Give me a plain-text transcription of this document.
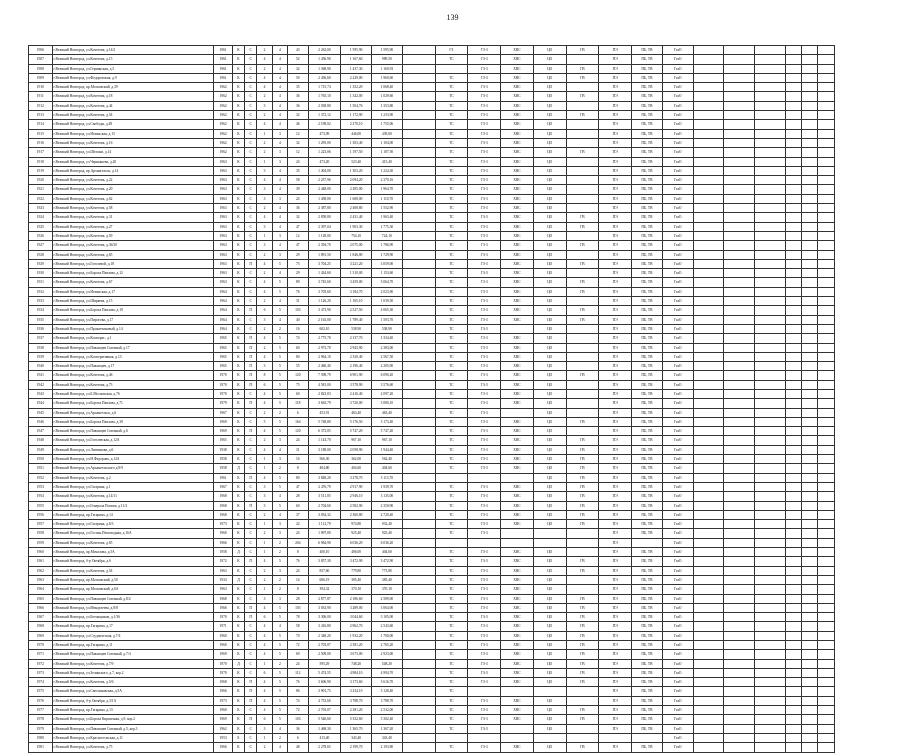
139
1906	г.Великий Новгород, ул.Кочетова, д.14/2	1961	К	С	2	4	43	2 262,00	1 595,90	1 595,90		ГЗ	ГЗ-3	ХВС	ЦО	ГВ	ПЭ	ПБ, ТВ	ГазО						
1907	г.Великий Новгород, ул.Кочетова, д.15	1961	К	С	4	4	52	1 456,90	1 167,60	989,50		ТС	ГЗ-3	ХВС	ЦО		ПЭ	ПБ, ТВ	ГазО						
1908	г.Великий Новгород, ул.Германская, д.5	1961	К	С	2	4	32	1 368,90	1 437,30	1 160,93			ГЗ-3	ХВС	ЦО	ГВ	ПЭ	ПБ, ТВ	ГазО						
1909	г.Великий Новгород, ул.Федоровская, д.9	1961	К	С	4	4	50	2 456,60	2 229,00	1 960,60		ТС	ГЗ-3	ХВС	ЦО	ГВ	ПЭ	ПБ, ТВ	ГазО						
1910	г.Великий Новгород, пр.Московский, д.39	1962	К	С	4	4	35	1 715,74	1 352,20	1 068,40		ТС	ГЗ-3	ХВС	ЦО		ПЭ	ПБ, ТВ	ГазО						
1911	г.Великий Новгород, ул.Кочетова, д.18	1962	К	С	2	4	36	1 765,10	1 342,00	1 029,60		ТС	ГЗ-3	ХВС	ЦО	ГВ	ПЭ	ПБ, ТВ	ГазО						
1912	г.Великий Новгород, ул.Кочетова, д.44	1962	К	С	3	4	36	2 038,80	1 504,76	1 353,80		ТС	ГЗ-3	ХВС	ЦО		ПЭ	ПБ, ТВ	ГазО						
1913	г.Великий Новгород, ул.Кочетова, д.54	1962	К	С	2	4	32	1 372,12	1 172,90	1 233,90		ТС	ГЗ-3	ХВС	ЦО	ГВ	ПЭ	ПБ, ТВ	ГазО						
1914	г.Великий Новгород, ул.Свободы, д.49	1962	К	С	4	4	46	2 198,02	2 270,10	1 755,06		ТС	ГЗ-3	ХВС	ЦО		ПЭ	ПБ, ТВ	ГазО						
1915	г.Великий Новгород, ул.Нехинская, д.15	1962	К	С	1	3	12	473,09	446,00	439,00		ТС	ГЗ-3	ХВС	ЦО		ПЭ	ПБ, ТВ	ГазО						
1916	г.Великий Новгород, ул.Кочетова, д.16	1962	К	С	2	4	32	1 295,00	1 303,40	1 104,00		ТС	ГЗ-3	ХВС	ЦО		ПЭ	ПБ, ТВ	ГазО						
1917	г.Великий Новгород, ул.Шелони, д.14	1962	К	С	2	3	12	1 223,06	1 197,50	1 107,50		ТС	ГЗ-3	ХВС	ЦО	ГВ	ПЭ	ПБ, ТВ	ГазО						
1918	г.Великий Новгород, ул.Чернышева, д.20	1963	К	С	1	3	24	473,20	523,40	415,40		ТС	ГЗ-3	ХВС	ЦО		ПЭ	ПБ, ТВ	ГазО						
1919	г.Великий Новгород, пр.Архангельск, д.14	1963	К	С	3	4	35	1 404,00	1 303,20	1 224,30		ТС	ГЗ-3	ХВС	ЦО		ПЭ	ПБ, ТВ	ГазО						
1920	г.Великий Новгород, ул.Кочетова, д.22	1963	К	С	4	4	58	2 257,96	2 094,20	2 370,16		ТС	ГЗ-3	ХВС	ЦО		ПЭ	ПБ, ТВ	ГазО						
1921	г.Великий Новгород, ул.Кочетова, д.20	1963	К	С	3	4	39	2 448,00	2 285,00	1 964,70		ТС	ГЗ-3	ХВС	ЦО		ПЭ	ПБ, ТВ	ГазО						
1922	г.Великий Новгород, ул.Кочетова, д.62	1963	К	С	3	3	24	1 458,00	1 608,00	1 110,70		ТС	ГЗ-3	ХВС	ЦО		ПЭ	ПБ, ТВ	ГазО						
1923	г.Великий Новгород, ул.Кочетова, д.58	1963	К	С	2	4	36	2 387,80	2 468,80	1 552,90		ТС	ГЗ-3	ХВС	ЦО		ПЭ	ПБ, ТВ	ГазО						
1924	г.Великий Новгород, ул.Кочетова, д.31	1963	К	С	4	4	32	2 858,80	2 431,40	1 963,40		ТС	ГЗ-3	ХВС	ЦО	ГВ	ПЭ	ПБ, ТВ	ГазО						
1925	г.Великий Новгород, ул.Кочетова, д.27	1963	К	С	3	4	47	2 397,04	1 903,30	1 775,30		ТС	ГЗ-3	ХВС	ЦО	ГВ	ПЭ	ПБ, ТВ	ГазО						
1926	г.Великий Новгород, ул.Кочетова, д.59	1963	К	С	1	3	12	1 128,00	754,10	724,10		ТС	ГЗ-3	ХВС	ЦО		ПЭ	ПБ, ТВ	ГазО						
1927	г.Великий Новгород, ул.Кочетова, д.36/30	1963	К	С	3	4	47	2 394,70	2 075,00	1 786,90		ТС	ГЗ-3	ХВС	ЦО	ГВ	ПЭ	ПБ, ТВ	ГазО						
1928	г.Великий Новгород, ул.Кочетова, д.65	1963	К	С	2	3	29	1 891,50	1 846,00	1 729,90		ТС	ГЗ-3	ХВС	ЦО		ПЭ	ПБ, ТВ	ГазО						
1929	г.Великий Новгород, ул.Гоголевой, д.18	1963	К	П	4	5	75	3 704,25	3 221,20	3 059,00		ТС	ГЗ-3	ХВС	ЦО	ГВ	ПЭ	ПБ, ТВ	ГазО						
1930	г.Великий Новгород, ул.Бороха Павлова, д.12	1963	К	С	2	4	29	1 434,60	1 310,00	1 153,60		ТС	ГЗ-3	ХВС	ЦО		ПЭ	ПБ, ТВ	ГазО						
1931	г.Великий Новгород, ул.Кочетова, д.67	1963	К	С	4	5	89	3 745,60	3 459,00	3 064,70		ТС	ГЗ-3	ХВС	ЦО	ГВ	ПЭ	ПБ, ТВ	ГазО						
1932	г.Великий Новгород, ул.Нехинская, д.17	1964	К	С	4	5	76	3 705,60	3 184,70	2 023,90		ТС	ГЗ-3	ХВС	ЦО	ГВ	ПЭ	ПБ, ТВ	ГазО						
1933	г.Великий Новгород, ул.Ширяева, д.15	1964	К	С	2	4	31	1 126,20	1 165,10	1 039,50		ТС	ГЗ-3	ХВС	ЦО		ПЭ	ПБ, ТВ	ГазО						
1934	г.Великий Новгород, ул.Бороха Павлова, д.19	1964	К	П	6	5	103	3 473,90	2 527,50	4 065,30		ТС	ГЗ-3	ХВС	ЦО	ГВ	ПЭ	ПБ, ТВ	ГазО						
1935	г.Великий Новгород, ул.Пирогова, д.17	1964	К	С	3	4	40	2 163,00	1 789,40	1 503,70		ТС	ГЗ-3	ХВС	ЦО	ГВ	ПЭ	ПБ, ТВ	ГазО						
1936	г.Великий Новгород, ул.Прокатчиковый, д.14	1964	К	С	2	2	16	602,10	538,90	538,90		ТС	ГЗ-3		ЦО		ПЭ	ПБ, ТВ	ГазО						
1937	г.Великий Новгород, ул.Кооперат., д.1	1965	К	П	4	5	74	2 775,70	2 137,70	1 334,40		ТС	ГЗ-3	ХВС	ЦО		ПЭ	ПБ, ТВ	ГазО						
1938	г.Великий Новгород, ул.Павлищев Союзный, д.17	1965	К	П	2	5	60	2 973,70	2 943,90	2 383,00		ТС	ГЗ-3	ХВС	ЦО		ПЭ	ПБ, ТВ	ГазО						
1939	г.Великий Новгород, ул.Кооперативная, д.13	1965	К	П	4	5	80	2 964,10	2 330,40	2 567,50		ТС	ГЗ-3	ХВС	ЦО		ПЭ	ПБ, ТВ	ГазО						
1940	г.Великий Новгород, ул.Павлищев, д.17	1965	К	П	3	5	55	2 460,40	2 196,40	2 205,90		ТС	ГЗ-3	ХВС	ЦО		ПЭ	ПБ, ТВ	ГазО						
1941	г.Великий Новгород, ул.Кочетова, д.46	1970	К	П	8	5	120	7 598,79	6 901,90	6 090,20		ТС	ГЗ-3	ХВС	ЦО	ГВ	ПЭ	ПБ, ТВ	ГазО						
1942	г.Великий Новгород, ул.Кочетова, д.73	1970	К	П	6	5	75	4 581,00	3 578,90	3 576,60		ТС	ГЗ-3	ХВС	ЦО		ПЭ	ПБ, ТВ	ГазО						
1943	г.Великий Новгород, ул.Б.Московская, д.76	1970	К	С	4	5	60	2 823,03	2 416,40	2 097,20		ТС	ГЗ-3	ХВС	ЦО		ПЭ	ПБ, ТВ	ГазО						
1944	г.Великий Новгород, ул.Бороха Павлова, д.71	1979	К	П	4	5	118	3 663,79	3 720,00	3 080,10		ТС	ГЗ-3	ХВС	ЦО		ПЭ	ПБ, ТВ	ГазО						
1945	г.Великий Новгород, ул.Архангельск, д.6	1967	К	С	2	2	6	453,91	463,40	463,40		ТС	ГЗ-3		ЦО		ПЭ	ПБ, ТВ	ГазО						
1946	г.Великий Новгород, ул.Бороха Павлова, д.39	1969	К	С	5	5	164	5 748,80	5 176,50	3 173,40		ТС	ГЗ-3	ХВС	ЦО	ГВ	ПЭ	ПБ, ТВ	ГазО						
1947	г.Великий Новгород, ул.Павлищев Союзный, д.6	1969	К	П	4	5	120	6 373,05	5 747,20	5 747,20		ТС	ГЗ-3	ХВС	ЦО		ПЭ	ПБ, ТВ	ГазО						
1948	г.Великий Новгород, ул.Гоголевская, д.12А	1965	К	С	2	3	24	1 143,70	967,10	967,10		ТС	ГЗ-3	ХВС	ЦО	ГВ	ПЭ	ПБ, ТВ	ГазО						
1949	г.Великий Новгород, ул.Литвинова, д.6	1938	К	С	4	4	31	3 188,00	2 058,90	1 944,40		ТС	ГЗ-3	ХВС	ЦО	ГВ	ПЭ	ПБ, ТВ	ГазО						
1950	г.Великий Новгород, ул.Н.Федорова, д.12А	1958	К	С	1	3	16	566,30	362,00	562,40		ТС	ГЗ-3	ХВС	ЦО	ГВ	ПЭ	ПБ, ТВ	ГазО						
1951	г.Великий Новгород, ул.Архангельского д.8/9	1958	Д	С	1	2	8	404,80	404,60	404,60		ТС	ГЗ-3	ХВС	ЦО	ГВ	ПЭ	ПБ, ТВ	ГазО						
1952	г.Великий Новгород, ул.Кочетова, д.2	1961	К	П	4	5	80	3 848,20	3 278,70	3 113,70					ЦО	ГВ	ПЭ	ПБ, ТВ	ГазО						
1953	г.Великий Новгород, ул.Гагарина, д.1	1967	К	С	3	5	47	2 476,79	2 917,90	1 939,70		ТС	ГЗ-3	ХВС	ЦО	ГВ	ПЭ	ПБ, ТВ	ГазО						
1954	г.Великий Новгород, ул.Кочетова, д.14/11	1968	К	С	3	4	28	3 511,05	2 946,10	3 135,00		ТС	ГЗ-3	ХВС	ЦО	ГВ	ПЭ	ПБ, ТВ	ГазО						
1955	г.Великий Новгород, ул.Генерала Попова, д.11/2	1968	К	П	3	5	60	2 704,60	2 582,90	2 350,90		ТС	ГЗ-3	ХВС	ЦО	ГВ	ПЭ	ПБ, ТВ	ГазО						
1956	г.Великий Новгород, пр.Гагарина, д.14	1968	К	С	2	4	37	3 034,32	2 360,80	2 720,40		ТС	ГЗ-3	ХВС	ЦО	ГВ	ПЭ	ПБ, ТВ	ГазО						
1957	г.Великий Новгород, ул.Гагарина, д.6/3	1973	К	С	1	3	22	1 112,79	974,80	932,40		ТС	ГЗ-3	ХВС	ЦО	ГВ	ПЭ	ПБ, ТВ	ГазО						
1958	г.Великий Новгород, ул.Гостин.Пешеходная, д.16А	1960	К	С	2	3	24	1 097,00	925,40	925,40		ТС	ГЗ-3				ПЭ	ПБ, ТВ	ГазО						
1959	г.Великий Новгород, ул.Кочетова, д.65	1966	К	С	1	2	204	6 964,90	6 036,20	6 036,20							ПЭ		ГазО						
1960	г.Великий Новгород, пр.Мочалова, д.5А	1958	Д	С	1	2	8	400,10	406,00	404,60		ТС	ГЗ-3	ХВС	ЦО		ПЭ	ПБ, ТВ	ГазО						
1961	г.Великий Новгород, б-р Октября, д.6	1972	К	П	4	5	76	3 857,30	3 472,90	3 472,90		ТС	ГЗ-3	ХВС	ЦО	ГВ	ПЭ	ПБ, ТВ	ГазО						
1962	г.Великий Новгород, ул.Кочетова, д.54	1963	К	С	2	3	24	837,60	779,80	773,80		ТС	ГЗ-3	ХВС	ЦО	ГВ	ПЭ	ПБ, ТВ	ГазО						
1963	г.Великий Новгород, пр.Московский, д.50	1933	Д	С	2	2	14	606,19	385,40	385,40		ТС	ГЗ-3	ХВС	ЦО		ПЭ	ПБ, ТВ	ГазО						
1964	г.Великий Новгород, пр.Московский, д.6А	1963	К	С	1	2	8	394,32	370,10	370,10		ТС	ГЗ-3	ХВС	ЦО		ПЭ	ПБ, ТВ	ГазО						
1965	г.Великий Новгород, ул.Павлищев Союзный, д.8/2	1968	К	С	3	3	28	2 877,87	2 186,60	2 589,00		ТС	ГЗ-3	ХВС	ЦО	ГВ	ПЭ	ПБ, ТВ	ГазО						
1966	г.Великий Новгород, ул.Менделеева, д.8/8	1966	К	П	4	5	103	3 033,90	3 289,00	3 064,00		ТС	ГЗ-3	ХВС	ЦО	ГВ	ПЭ	ПБ, ТВ	ГазО						
1967	г.Великий Новгород, ул.Бетонщиков, д.1/36	1970	К	П	6	5	78	3 306,00	3 044,60	3 105,00		ТС	ГЗ-3	ХВС	ЦО	ГВ	ПЭ	ПБ, ТВ	ГазО						
1968	г.Великий Новгород, пр.Гагарина, д.17	1971	К	С	4	4	58	3 416,80	2 962,70	2 543,60		ТС	ГЗ-3	ХВС	ЦО	ГВ	ПЭ	ПБ, ТВ	ГазО						
1969	г.Великий Новгород, ул.Студенческая, д.7/4	1960	К	С	4	5	70	2 348,20	1 932,20	1 700,00		ТС	ГЗ-3	ХВС	ЦО	ГВ	ПЭ	ПБ, ТВ	ГазО						
1970	г.Великий Новгород, пр.Гагарина, д.11	1960	К	С	4	5	72	2 703,07	2 381,20	2 765,20		ТС	ГЗ-3	ХВС	ЦО	ГВ	ПЭ	ПБ, ТВ	ГазО						
1971	г.Великий Новгород, ул.Павлищев Союзный, д.7/4	1969	К	С	4	5	69	2 509,00	3 673,00	2 923,00		ТС	ГЗ-3	ХВС	ЦО	ГВ	ПЭ	ПБ, ТВ	ГазО						
1972	г.Великий Новгород, ул.Кочетова, д.7/9	1970	Д	С	1	2	24	595,29	748,20	548,20		ТС	ГЗ-3	ХВС	ЦО	ГВ	ПЭ	ПБ, ТВ	ГазО						
1973	г.Великий Новгород, ул.Зелинского, д.7, кор.2	1970	К	С	6	5	112	5 474,55	4 984,10	4 994,70		ТС	ГЗ-3	ХВС	ЦО	ГВ	ПЭ	ПБ, ТВ	ГазО						
1974	г.Великий Новгород, ул.Кочетова, д.5/6	1968	К	П	4	5	76	3 606,90	3 173,60	3 616,70		ТС	ГЗ-3	ХВС	ЦО	ГВ	ПЭ	ПБ, ТВ	ГазО						
1975	г.Великий Новгород, ул.Светлановская, д.5А	1966	К	П	4	5	86	3 901,75	3 234,10	3 128,40		ТС					ПЭ	ПБ, ТВ	ГазО						
1976	г.Великий Новгород, б-р Октября, д.3/1А	1973	К	П	4	5	74	4 753,60	3 788,70	3 788,70		ТС	ГЗ-3	ХВС	ЦО		ПЭ	ПБ, ТВ	ГазО						
1977	г.Великий Новгород, пр.Гагарина, д.13	1960	К	С	4	5	72	2 703,07	2 381,20	2 532,00		ТС	ГЗ-3	ХВС	ЦО	ГВ	ПЭ	ПБ, ТВ	ГазО						
1978	г.Великий Новгород, ул.Бороха Кирпичная, д.9, кор.2	1969	К	П	6	5	103	5 546,60	5 332,60	5 302,40		ТС	ГЗ-3	ХВС	ЦО	ГВ	ПЭ	ПБ, ТВ	ГазО						
1979	г.Великий Новгород, ул.Павлищев Союзный, д.5, кор.3	1962	К	С	3	4	36	1 468,30	1 365,70	1 367,20		ТС	ГЗ-3		ЦО		ПЭ	ПБ, ТВ	ГазО						
1980	г.Великий Новгород, ул.Красносельская, д.11	1953	Б	С	1	2	6	413,40	343,40	343,40									ГазО						
1981	г.Великий Новгород, ул.Кочетова, д.75	1966	К	С	2	4	48	2 278,65	2 199,70	2 193,80		ТС	ГЗ-3	ХВС	ЦО	ГВ	ПЭ	ПБ, ТВ	ГазО						
